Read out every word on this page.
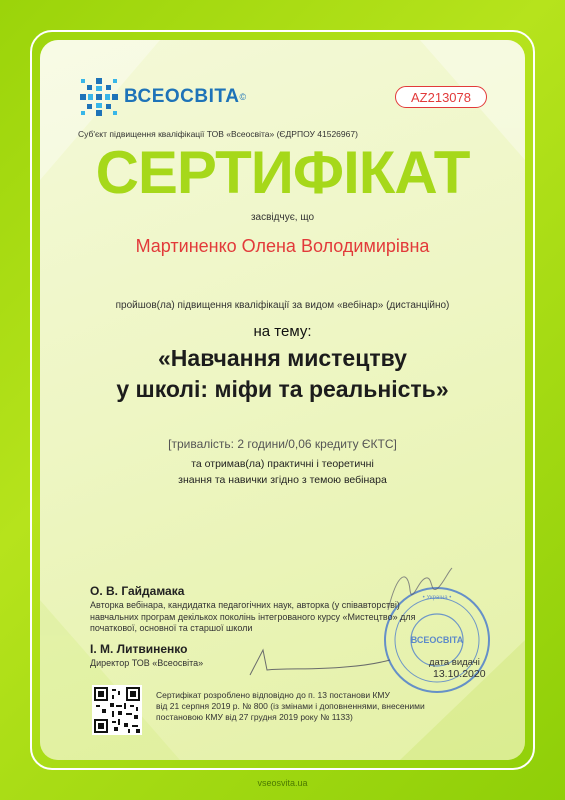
ВСЕОСВІТА ©	AZ213078
Суб'єкт підвищення кваліфікації ТОВ «Всеосвіта» (ЄДРПОУ 41526967)
СЕРТИФІКАТ
засвідчує, що
Мартиненко Олена Володимирівна
пройшов(ла) підвищення кваліфікації за видом «вебінар» (дистанційно)
на тему:
«Навчання мистецтву
у школі: міфи та реальність»
[тривалість: 2 години/0,06 кредиту ЄКТС]
та отримав(ла) практичні і теоретичні
знання та навички згідно з темою вебінара
ВСЕОСВІТА
• Україна •
О. В. Гайдамака
Авторка вебінара, кандидатка педагогічних наук, авторка (у співавторстві)
навчальних програм декількох поколінь інтегрованого курсу «Мистецтво» для
початкової, основної та старшої школи
І. М. Литвиненко
Директор ТОВ «Всеосвіта»	дата видачі
13.10.2020
Сертифікат розроблено відповідно до п. 13 постанови КМУ
від 21 серпня 2019 р. № 800 (із змінами і доповненнями, внесеними
постановою КМУ від 27 грудня 2019 року № 1133)
vseosvita.ua
